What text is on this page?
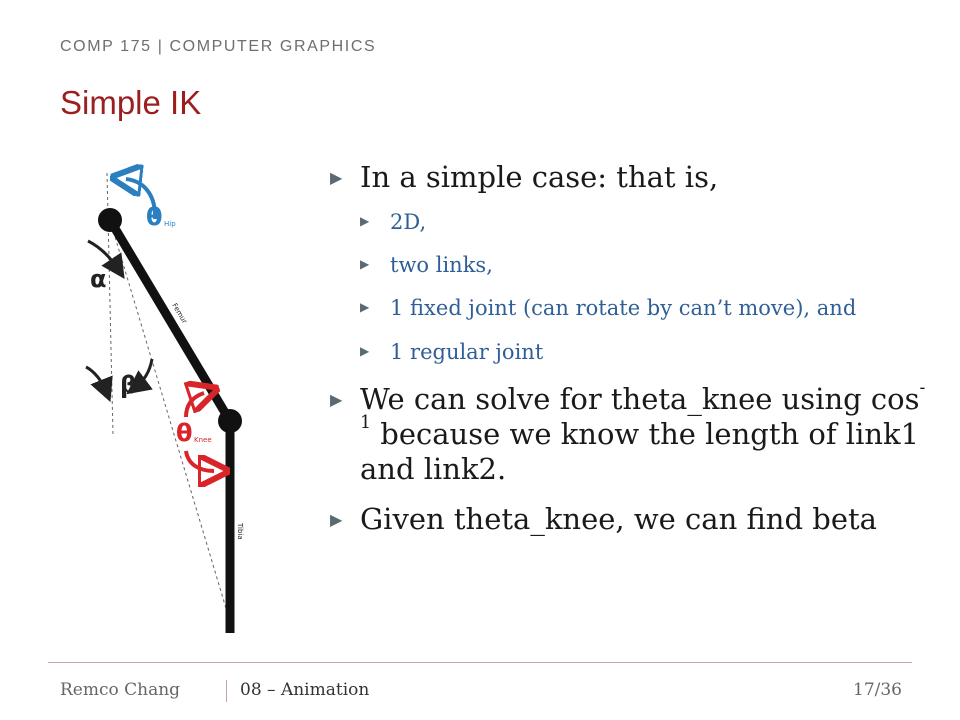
COMP 175 | COMPUTER GRAPHICS
Simple IK
θ Hip
α
β
θ Knee
Femur
Tibia
▶ In a simple case: that is,
▶ 2D,
▶ two links,
▶ 1 fixed joint (can rotate by can’t move), and
▶ 1 regular joint
▶ We can solve for theta_knee using $\cos^{-1}$ because we know the length of link1 and link2.
▶ Given theta_knee, we can find beta
Remco Chang	08 – Animation	17/36
